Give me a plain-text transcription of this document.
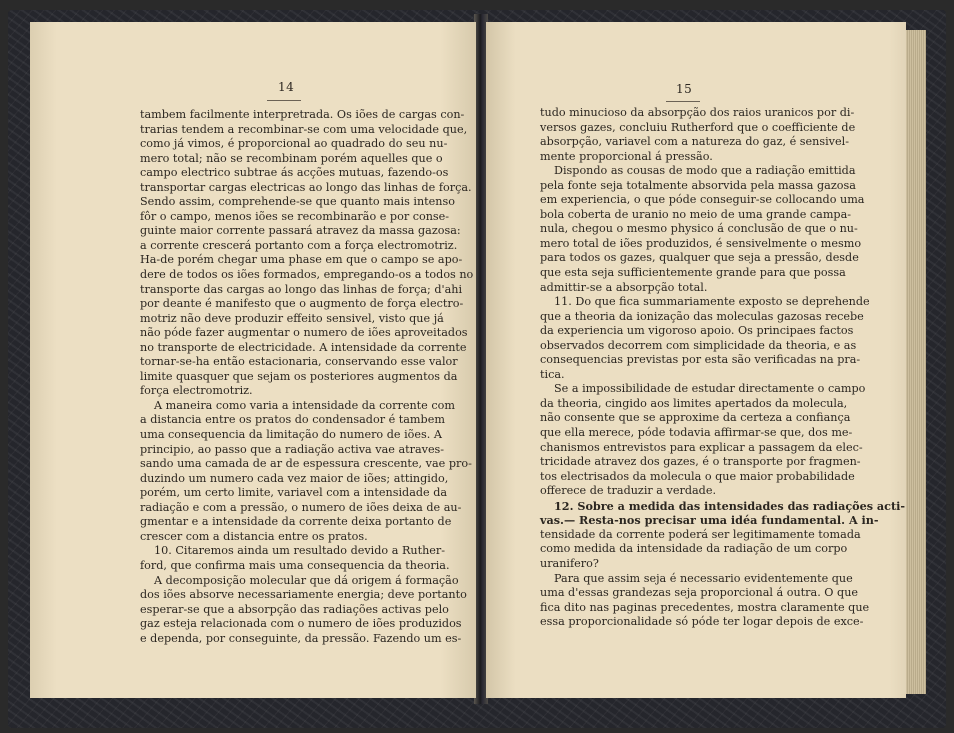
14
tambem facilmente interpretrada. Os iões de cargas con-
trarias tendem a recombinar-se com uma velocidade que,
como já vimos, é proporcional ao quadrado do seu nu-
mero total; não se recombinam porém aquelles que o
campo electrico subtrae ás acções mutuas, fazendo-os
transportar cargas electricas ao longo das linhas de força.
Sendo assim, comprehende-se que quanto mais intenso
fôr o campo, menos iões se recombinarão e por conse-
guinte maior corrente passará atravez da massa gazosa:
a corrente crescerá portanto com a força electromotriz.
Ha-de porém chegar uma phase em que o campo se apo-
dere de todos os iões formados, empregando-os a todos no
transporte das cargas ao longo das linhas de força; d'ahi
por deante é manifesto que o augmento de força electro-
motriz não deve produzir effeito sensivel, visto que já
não póde fazer augmentar o numero de iões aproveitados
no transporte de electricidade. A intensidade da corrente
tornar-se-ha então estacionaria, conservando esse valor
limite quasquer que sejam os posteriores augmentos da
força electromotriz.
A maneira como varia a intensidade da corrente com
a distancia entre os pratos do condensador é tambem
uma consequencia da limitação do numero de iões. A
principio, ao passo que a radiação activa vae atraves-
sando uma camada de ar de espessura crescente, vae pro-
duzindo um numero cada vez maior de iões; attingido,
porém, um certo limite, variavel com a intensidade da
radiação e com a pressão, o numero de iões deixa de au-
gmentar e a intensidade da corrente deixa portanto de
crescer com a distancia entre os pratos.
10. Citaremos ainda um resultado devido a Ruther-
ford, que confirma mais uma consequencia da theoria.
A decomposição molecular que dá origem á formação
dos iões absorve necessariamente energia; deve portanto
esperar-se que a absorpção das radiações activas pelo
gaz esteja relacionada com o numero de iões produzidos
e dependa, por conseguinte, da pressão. Fazendo um es-
15
tudo minucioso da absorpção dos raios uranicos por di-
versos gazes, concluiu Rutherford que o coefficiente de
absorpção, variavel com a natureza do gaz, é sensivel-
mente proporcional á pressão.
Dispondo as cousas de modo que a radiação emittida
pela fonte seja totalmente absorvida pela massa gazosa
em experiencia, o que póde conseguir-se collocando uma
bola coberta de uranio no meio de uma grande campa-
nula, chegou o mesmo physico á conclusão de que o nu-
mero total de iões produzidos, é sensivelmente o mesmo
para todos os gazes, qualquer que seja a pressão, desde
que esta seja sufficientemente grande para que possa
admittir-se a absorpção total.
11. Do que fica summariamente exposto se deprehende
que a theoria da ionização das moleculas gazosas recebe
da experiencia um vigoroso apoio. Os principaes factos
observados decorrem com simplicidade da theoria, e as
consequencias previstas por esta são verificadas na pra-
tica.
Se a impossibilidade de estudar directamente o campo
da theoria, cingido aos limites apertados da molecula,
não consente que se approxime da certeza a confiança
que ella merece, póde todavia affirmar-se que, dos me-
chanismos entrevistos para explicar a passagem da elec-
tricidade atravez dos gazes, é o transporte por fragmen-
tos electrisados da molecula o que maior probabilidade
offerece de traduzir a verdade.
12. Sobre a medida das intensidades das radiações acti-
vas.— Resta-nos precisar uma idéa fundamental. A in-
tensidade da corrente poderá ser legitimamente tomada
como medida da intensidade da radiação de um corpo
uranifero?
Para que assim seja é necessario evidentemente que
uma d'essas grandezas seja proporcional á outra. O que
fica dito nas paginas precedentes, mostra claramente que
essa proporcionalidade só póde ter logar depois de exce-
